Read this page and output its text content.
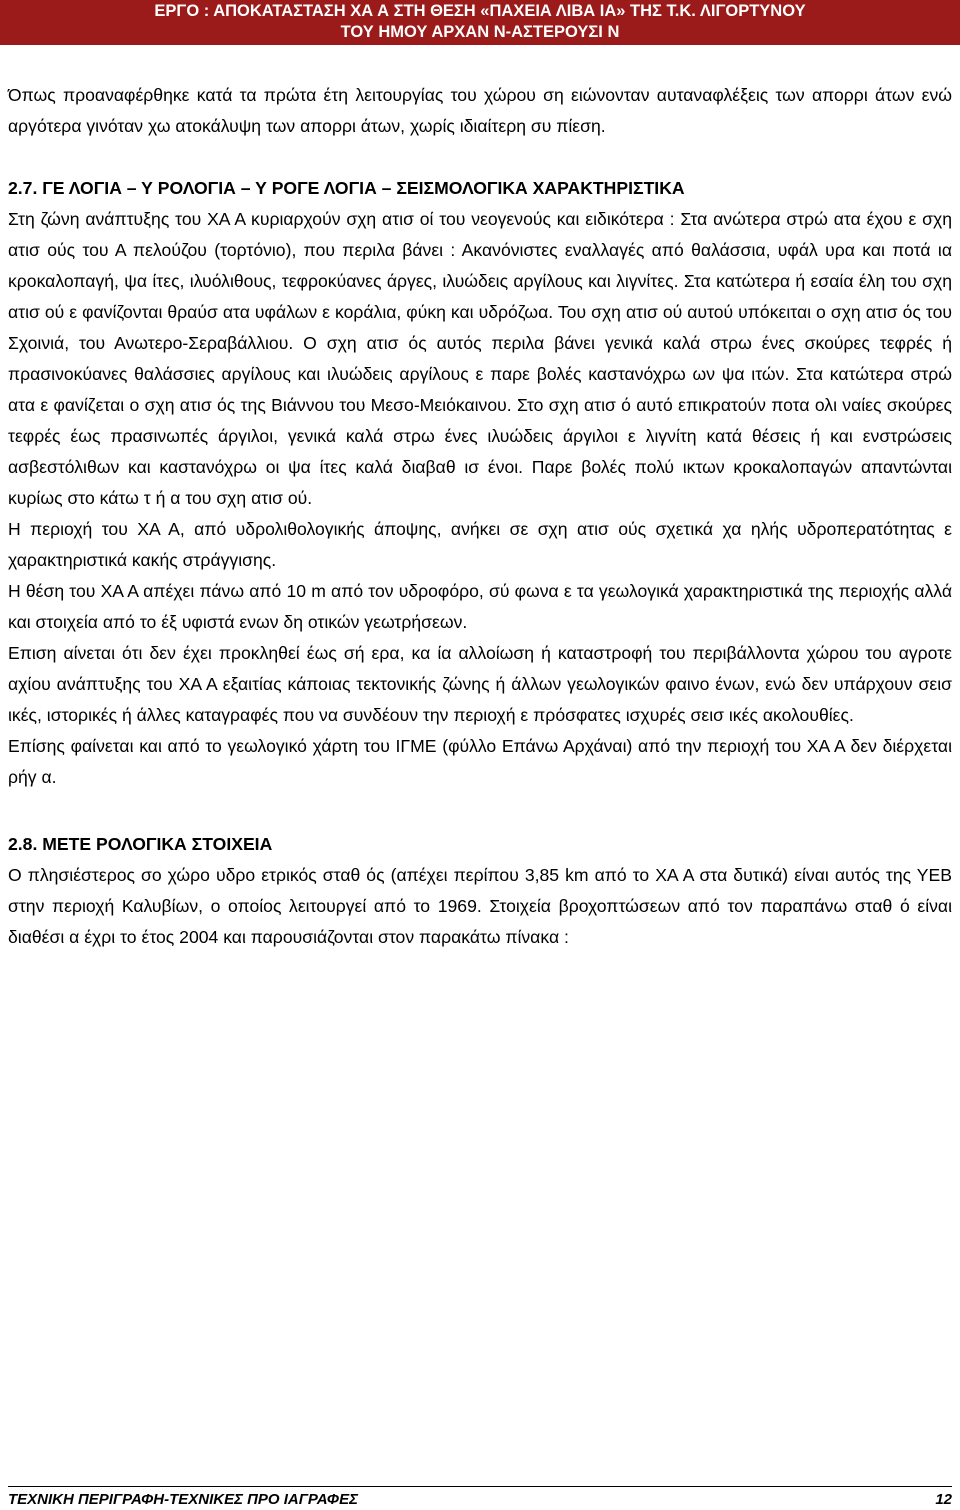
ΕΡΓΟ : ΑΠΟΚΑΤΑΣΤΑΣΗ ΧΑ Α ΣΤΗ ΘΕΣΗ «ΠΑΧΕΙΑ ΛΙΒΑ ΙΑ» ΤΗΣ Τ.Κ. ΛΙΓΟΡΤΥΝΟΥ
ΤΟΥ ΗΜΟΥ ΑΡΧΑΝ Ν-ΑΣΤΕΡΟΥΣΙ Ν

Όπως προαναφέρθηκε κατά τα πρώτα έτη λειτουργίας του χώρου ση ειώνονταν αυταναφλέξεις των απορρι άτων ενώ αργότερα γινόταν χω ατοκάλυψη των απορρι άτων, χωρίς ιδιαίτερη συ πίεση.

2.7. ΓΕ ΛΟΓΙΑ – Υ ΡΟΛΟΓΙΑ – Υ ΡΟΓΕ ΛΟΓΙΑ – ΣΕΙΣΜΟΛΟΓΙΚΑ ΧΑΡΑΚΤΗΡΙΣΤΙΚΑ

Στη ζώνη ανάπτυξης του ΧΑ Α κυριαρχούν σχη ατισ οί του νεογενούς και ειδικότερα : Στα ανώτερα στρώ ατα έχου ε σχη ατισ ούς του Α πελούζου (τορτόνιο), που περιλα βάνει : Ακανόνιστες εναλλαγές από θαλάσσια, υφάλ υρα και ποτά ια κροκαλοπαγή, ψα ίτες, ιλυόλιθους, τεφροκύανες άργες, ιλυώδεις αργίλους και λιγνίτες. Στα κατώτερα ή εσαία έλη του σχη ατισ ού ε φανίζονται θραύσ ατα υφάλων ε κοράλια, φύκη και υδρόζωα. Του σχη ατισ ού αυτού υπόκειται ο σχη ατισ ός του Σχοινιά, του Ανωτερο-Σεραβάλλιου. Ο σχη ατισ ός αυτός περιλα βάνει γενικά καλά στρω ένες σκούρες τεφρές ή πρασινοκύανες θαλάσσιες αργίλους και ιλυώδεις αργίλους ε παρε βολές καστανόχρω ων ψα ιτών. Στα κατώτερα στρώ ατα ε φανίζεται ο σχη ατισ ός της Βιάννου του Μεσο-Μειόκαινου. Στο σχη ατισ ό αυτό επικρατούν ποτα ολι ναίες σκούρες τεφρές έως πρασινωπές άργιλοι, γενικά καλά στρω ένες ιλυώδεις άργιλοι ε λιγνίτη κατά θέσεις ή και ενστρώσεις ασβεστόλιθων και καστανόχρω οι ψα ίτες καλά διαβαθ ισ ένοι. Παρε βολές πολύ ικτων κροκαλοπαγών απαντώνται κυρίως στο κάτω τ ή α του σχη ατισ ού.

Η περιοχή του ΧΑ Α, από υδρολιθολογικής άποψης, ανήκει σε σχη ατισ ούς σχετικά χα ηλής υδροπερατότητας ε χαρακτηριστικά κακής στράγγισης.

Η θέση του ΧΑ Α απέχει πάνω από 10 m από τον υδροφόρο, σύ φωνα ε τα γεωλογικά χαρακτηριστικά της περιοχής αλλά και στοιχεία από το έξ υφιστά ενων δη οτικών γεωτρήσεων.

Επιση αίνεται ότι δεν έχει προκληθεί έως σή ερα, κα ία αλλοίωση ή καταστροφή του περιβάλλοντα χώρου του αγροτε αχίου ανάπτυξης του ΧΑ Α εξαιτίας κάποιας τεκτονικής ζώνης ή άλλων γεωλογικών φαινο ένων, ενώ δεν υπάρχουν σεισ ικές, ιστορικές ή άλλες καταγραφές που να συνδέουν την περιοχή ε πρόσφατες ισχυρές σεισ ικές ακολουθίες.

Επίσης φαίνεται και από το γεωλογικό χάρτη του ΙΓΜΕ (φύλλο Επάνω Αρχάναι) από την περιοχή του ΧΑ Α δεν διέρχεται ρήγ α.

2.8. ΜΕΤΕ ΡΟΛΟΓΙΚΑ ΣΤΟΙΧΕΙΑ

Ο πλησιέστερος σο χώρο υδρο ετρικός σταθ ός (απέχει περίπου 3,85 km από το ΧΑ Α στα δυτικά) είναι αυτός της ΥΕΒ στην περιοχή Καλυβίων, ο οποίος λειτουργεί από το 1969. Στοιχεία βροχοπτώσεων από τον παραπάνω σταθ ό είναι διαθέσι α έχρι το έτος 2004 και παρουσιάζονται στον παρακάτω πίνακα :

ΤΕΧΝΙΚΗ ΠΕΡΙΓΡΑΦΗ-ΤΕΧΝΙΚΕΣ ΠΡΟ ΙΑΓΡΑΦΕΣ	12
